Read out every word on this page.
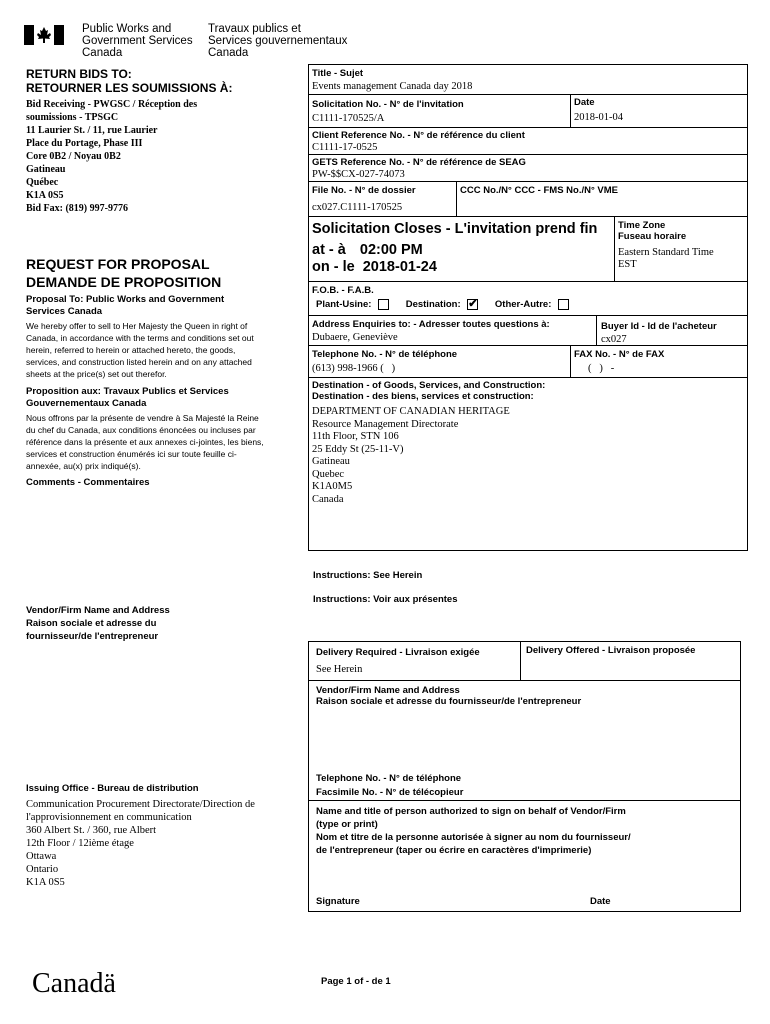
Public Works and
Government Services
Canada
Travaux publics et
Services gouvernementaux
Canada
RETURN BIDS TO:
RETOURNER LES SOUMISSIONS À:
Bid Receiving - PWGSC / Réception des
soumissions - TPSGC
11 Laurier St. / 11, rue Laurier
Place du Portage, Phase III
Core 0B2 / Noyau 0B2
Gatineau
Québec
K1A 0S5
Bid Fax: (819) 997-9776
REQUEST FOR PROPOSAL
DEMANDE DE PROPOSITION
Proposal To: Public Works and Government Services Canada
We hereby offer to sell to Her Majesty the Queen in right of Canada, in accordance with the terms and conditions set out herein, referred to herein or attached hereto, the goods, services, and construction listed herein and on any attached sheets at the price(s) set out therefor.
Proposition aux: Travaux Publics et Services Gouvernementaux Canada
Nous offrons par la présente de vendre à Sa Majesté la Reine du chef du Canada, aux conditions énoncées ou incluses par référence dans la présente et aux annexes ci-jointes, les biens, services et construction énumérés ici sur toute feuille ci-annexée, au(x) prix indiqué(s).
Comments - Commentaires
Vendor/Firm Name and Address
Raison sociale et adresse du
fournisseur/de l'entrepreneur
Issuing Office - Bureau de distribution
Communication Procurement Directorate/Direction de
l'approvisionnement en communication
360 Albert St. / 360, rue Albert
12th Floor / 12ième étage
Ottawa
Ontario
K1A 0S5
Title - Sujet
Events management Canada day 2018
Solicitation No. - N° de l'invitation
C1111-170525/A
Date
2018-01-04
Client Reference No. - N° de référence du client
C1111-17-0525
GETS Reference No. - N° de référence de SEAG
PW-$$CX-027-74073
File No. - N° de dossier
cx027.C1111-170525
CCC No./N° CCC - FMS No./N° VME
Solicitation Closes - L'invitation prend fin
at - à 02:00 PM
on - le 2018-01-24
Time Zone
Fuseau horaire
Eastern Standard Time
EST
F.O.B. - F.A.B.
Plant-Usine:	Destination: ✔ Other-Autre:
Address Enquiries to: - Adresser toutes questions à:
Dubaere, Geneviève
Buyer Id - Id de l'acheteur
cx027
Telephone No. - N° de téléphone
(613) 998-1966 (   )
FAX No. - N° de FAX
(   )   -
Destination - of Goods, Services, and Construction:
Destination - des biens, services et construction:
DEPARTMENT OF CANADIAN HERITAGE
Resource Management Directorate
11th Floor, STN 106
25 Eddy St (25-11-V)
Gatineau
Quebec
K1A0M5
Canada
Instructions: See Herein
Instructions: Voir aux présentes
Delivery Required - Livraison exigée
See Herein
Delivery Offered - Livraison proposée
Vendor/Firm Name and Address
Raison sociale et adresse du fournisseur/de l'entrepreneur
Telephone No. - N° de téléphone
Facsimile No. - N° de télécopieur
Name and title of person authorized to sign on behalf of Vendor/Firm
(type or print)
Nom et titre de la personne autorisée à signer au nom du fournisseur/
de l'entrepreneur (taper ou écrire en caractères d'imprimerie)
Signature	Date
Canadä	Page 1 of - de 1
